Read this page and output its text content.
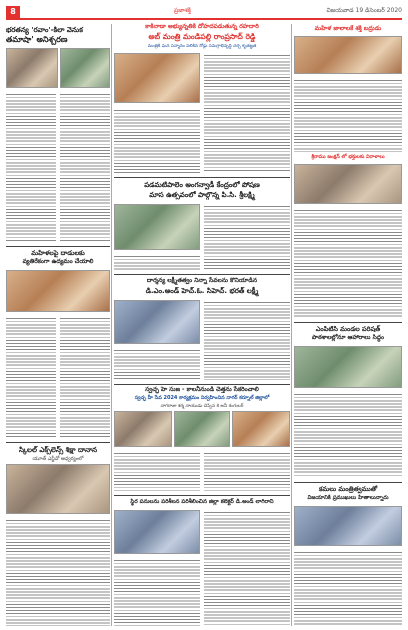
8	ప్రజాశక్తి	విజయవాడ 19 డిసెంబర్ 2020
భరతన్య 'రవాం'-కిలా వెనుక
తమాషా' అనిశ్చరణ
మహిళలపై దాడులకు
వ్యతిరేకంగా ఉద్యమం చేయాలి
స్కిలల్ ఎక్స్‌లెన్స్ శిక్షా దానాన
యూత్ ఎన్జీవో ఆధ్వర్యంలో
కాకినాడా అభ్యున్నతికి దోహదపడుతున్న రహదారి
అబ్ మంత్రి మండిపల్లి రాంప్రసాద్ రెడ్డి
మంత్రికి ఘన సన్మానం పలికిన రోడ్లు సమగ్రాభివృద్ధి చర్చ కృతజ్ఞత
పడమటిపాలెం అంగన్వాడీ కేంద్రంలో పోషణ
మాస ఉత్సవంలో పాల్గొన్న పి.సి. శ్రీలక్ష్మి
దార్శన్య లక్ష్మీతత్వం నిన్నా సేవలను కొనియాడిన
డి.ఎం.అండ్ హెచ్.ఓ. సిహెచ్. భరత్ లక్ష్మీ
స్వచ్ఛ హె సుజ - కాలనీనుండి చెత్తను సేకరించాలి
స్వచ్ఛ హీ సేవ 2024 కార్యక్రమం నిర్వహించిన నాగర్ కర్నూల్ జిల్లాలో
నాగరాజు శర్మ నాయుడు చెప్పిన కె అనీ శంగులర్
స్థిర పనులను పరిశీలన పరిశీలించిన జిల్లా కలెక్టర్ డి.అండ్ లాగిరాని
మహిళ జాలాలకే శక్తి బద్రుడు
శ్రీరాము జంక్షన్ లో భక్తులకు విరాళాలు
ఎంపిటిసి మండల పరిషత్
పాఠశాలల్లోనూ ఆహారాలు సిద్ధం
కమలు మంత్రిత్వముతో
విజయానికి ప్రముఖులు హితాలున్నారు
